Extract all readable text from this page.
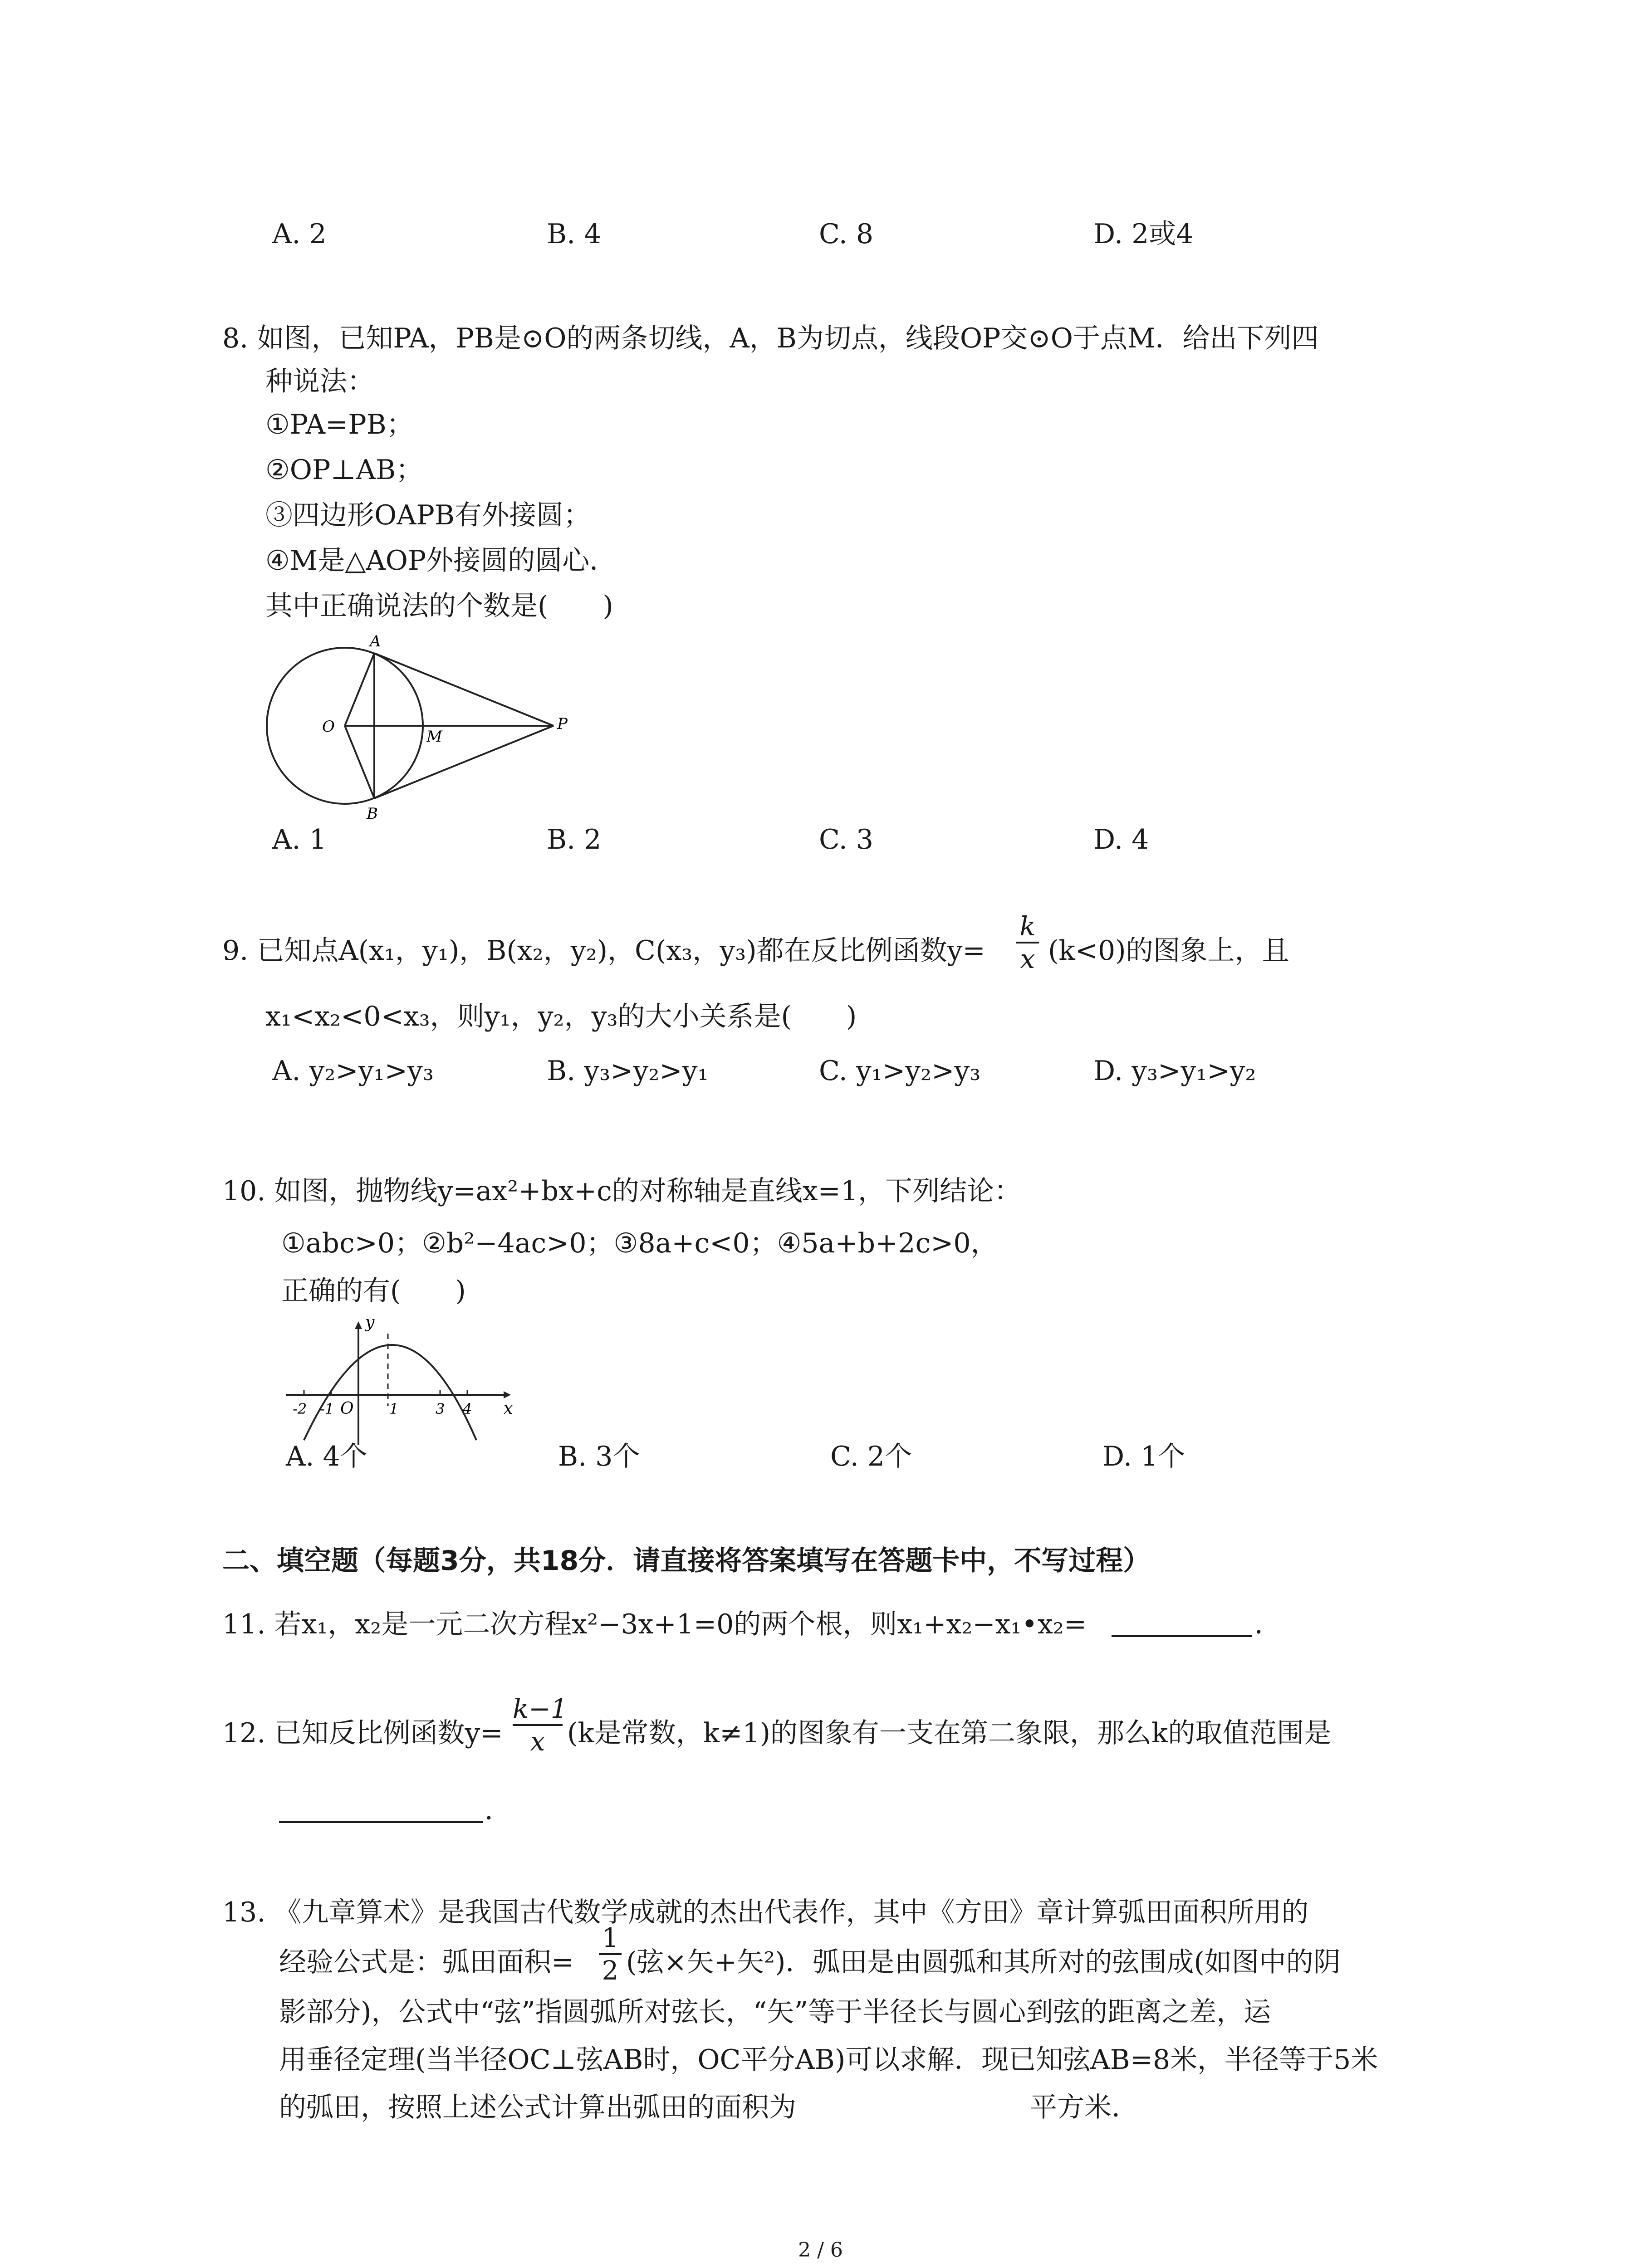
A. 2	B. 4	C. 8	D. 2或4
8. 如图，已知PA，PB是⊙O的两条切线，A，B为切点，线段OP交⊙O于点M．给出下列四
种说法：
①PA=PB；
②OP⊥AB；
③四边形OAPB有外接圆；
④M是△AOP外接圆的圆心．
其中正确说法的个数是(　　)
A
B
O
M
P
A. 1	B. 2	C. 3	D. 4
9. 已知点A(x₁，y₁)，B(x₂，y₂)，C(x₃，y₃)都在反比例函数y=
k
x (k<0)的图象上，且
x₁<x₂<0<x₃，则y₁，y₂，y₃的大小关系是(　　)
A. y₂>y₁>y₃	B. y₃>y₂>y₁	C. y₁>y₂>y₃	D. y₃>y₁>y₂
10. 如图，抛物线y=ax²+bx+c的对称轴是直线x=1，下列结论：
①abc>0；②b²−4ac>0；③8a+c<0；④5a+b+2c>0，
正确的有(　　)
y
x
O
-2 -1	1	3 4
A. 4个	B. 3个	C. 2个	D. 1个
二、填空题（每题3分，共18分．请直接将答案填写在答题卡中，不写过程）
11. 若x₁，x₂是一元二次方程x²−3x+1=0的两个根，则x₁+x₂−x₁•x₂=	．
12. 已知反比例函数y=
k−1
x (k是常数，k≠1)的图象有一支在第二象限，那么k的取值范围是
．
13. 《九章算术》是我国古代数学成就的杰出代表作，其中《方田》章计算弧田面积所用的
经验公式是：弧田面积=
1
2 (弦×矢+矢²)．弧田是由圆弧和其所对的弦围成(如图中的阴
影部分)，公式中“弦”指圆弧所对弦长，“矢”等于半径长与圆心到弦的距离之差，运
用垂径定理(当半径OC⊥弦AB时，OC平分AB)可以求解．现已知弦AB=8米，半径等于5米
的弧田，按照上述公式计算出弧田的面积为	平方米．
2 / 6
